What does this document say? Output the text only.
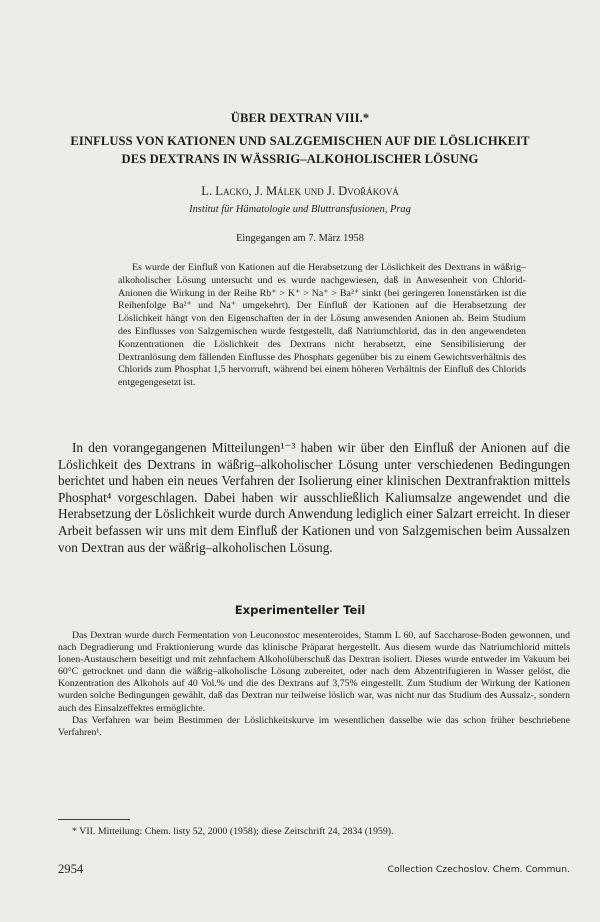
ÜBER DEXTRAN VIII.*
EINFLUSS VON KATIONEN UND SALZGEMISCHEN AUF DIE LÖSLICHKEIT
DES DEXTRANS IN WÄSSRIG–ALKOHOLISCHER LÖSUNG
L. Lacko, J. Málek und J. Dvořáková
Institut für Hämatologie und Bluttransfusionen, Prag
Eingegangen am 7. März 1958

Es wurde der Einfluß von Kationen auf die Herabsetzung der Löslichkeit des Dextrans in wäßrig–alkoholischer Lösung untersucht und es wurde nachgewiesen, daß in Anwesenheit von Chlorid-Anionen die Wirkung in der Reihe Rb⁺ > K⁺ > Na⁺ > Ba²⁺ sinkt (bei geringeren Ionenstärken ist die Reihenfolge Ba²⁺ und Na⁺ umgekehrt). Der Einfluß der Kationen auf die Herabsetzung der Löslichkeit hängt von den Eigenschaften der in der Lösung anwesenden Anionen ab. Beim Studium des Einflusses von Salzgemischen wurde festgestellt, daß Natriumchlorid, das in den angewendeten Konzentrationen die Löslichkeit des Dextrans nicht herabsetzt, eine Sensibilisierung der Dextranlösung dem fällenden Einflusse des Phosphats gegenüber bis zu einem Gewichtsverhältnis des Chlorids zum Phosphat 1,5 hervorruft, während bei einem höheren Verhältnis der Einfluß des Chlorids entgegengesetzt ist.

In den vorangegangenen Mitteilungen¹⁻³ haben wir über den Einfluß der Anionen auf die Löslichkeit des Dextrans in wäßrig–alkoholischer Lösung unter verschiedenen Bedingungen berichtet und haben ein neues Verfahren der Isolierung einer klinischen Dextranfraktion mittels Phosphat⁴ vorgeschlagen. Dabei haben wir ausschließlich Kaliumsalze angewendet und die Herabsetzung der Löslichkeit wurde durch Anwendung lediglich einer Salzart erreicht. In dieser Arbeit befassen wir uns mit dem Einfluß der Kationen und von Salzgemischen beim Aussalzen von Dextran aus der wäßrig–alkoholischen Lösung.

Experimenteller Teil

Das Dextran wurde durch Fermentation von Leuconostoc mesenteroides, Stamm L 60, auf Saccharose-Boden gewonnen, und nach Degradierung und Fraktionierung wurde das klinische Präparat hergestellt. Aus diesem wurde das Natriumchlorid mittels Ionen-Austauschern beseitigt und mit zehnfachem Alkoholüberschuß das Dextran isoliert. Dieses wurde entweder im Vakuum bei 60°C getrocknet und dann die wäßrig–alkoholische Lösung zubereitet, oder nach dem Abzentrifugieren in Wasser gelöst, die Konzentration des Alkohols auf 40 Vol.% und die des Dextrans auf 3,75% eingestellt. Zum Studium der Wirkung der Kationen wurden solche Bedingungen gewählt, daß das Dextran nur teilweise löslich war, was nicht nur das Studium des Aussalz-, sondern auch des Einsalzeffektes ermöglichte.

Das Verfahren war beim Bestimmen der Löslichkeitskurve im wesentlichen dasselbe wie das schon früher beschriebene Verfahren¹.

* VII. Mitteilung: Chem. listy 52, 2000 (1958); diese Zeitschrift 24, 2834 (1959).
2954	Collection Czechoslov. Chem. Commun.
